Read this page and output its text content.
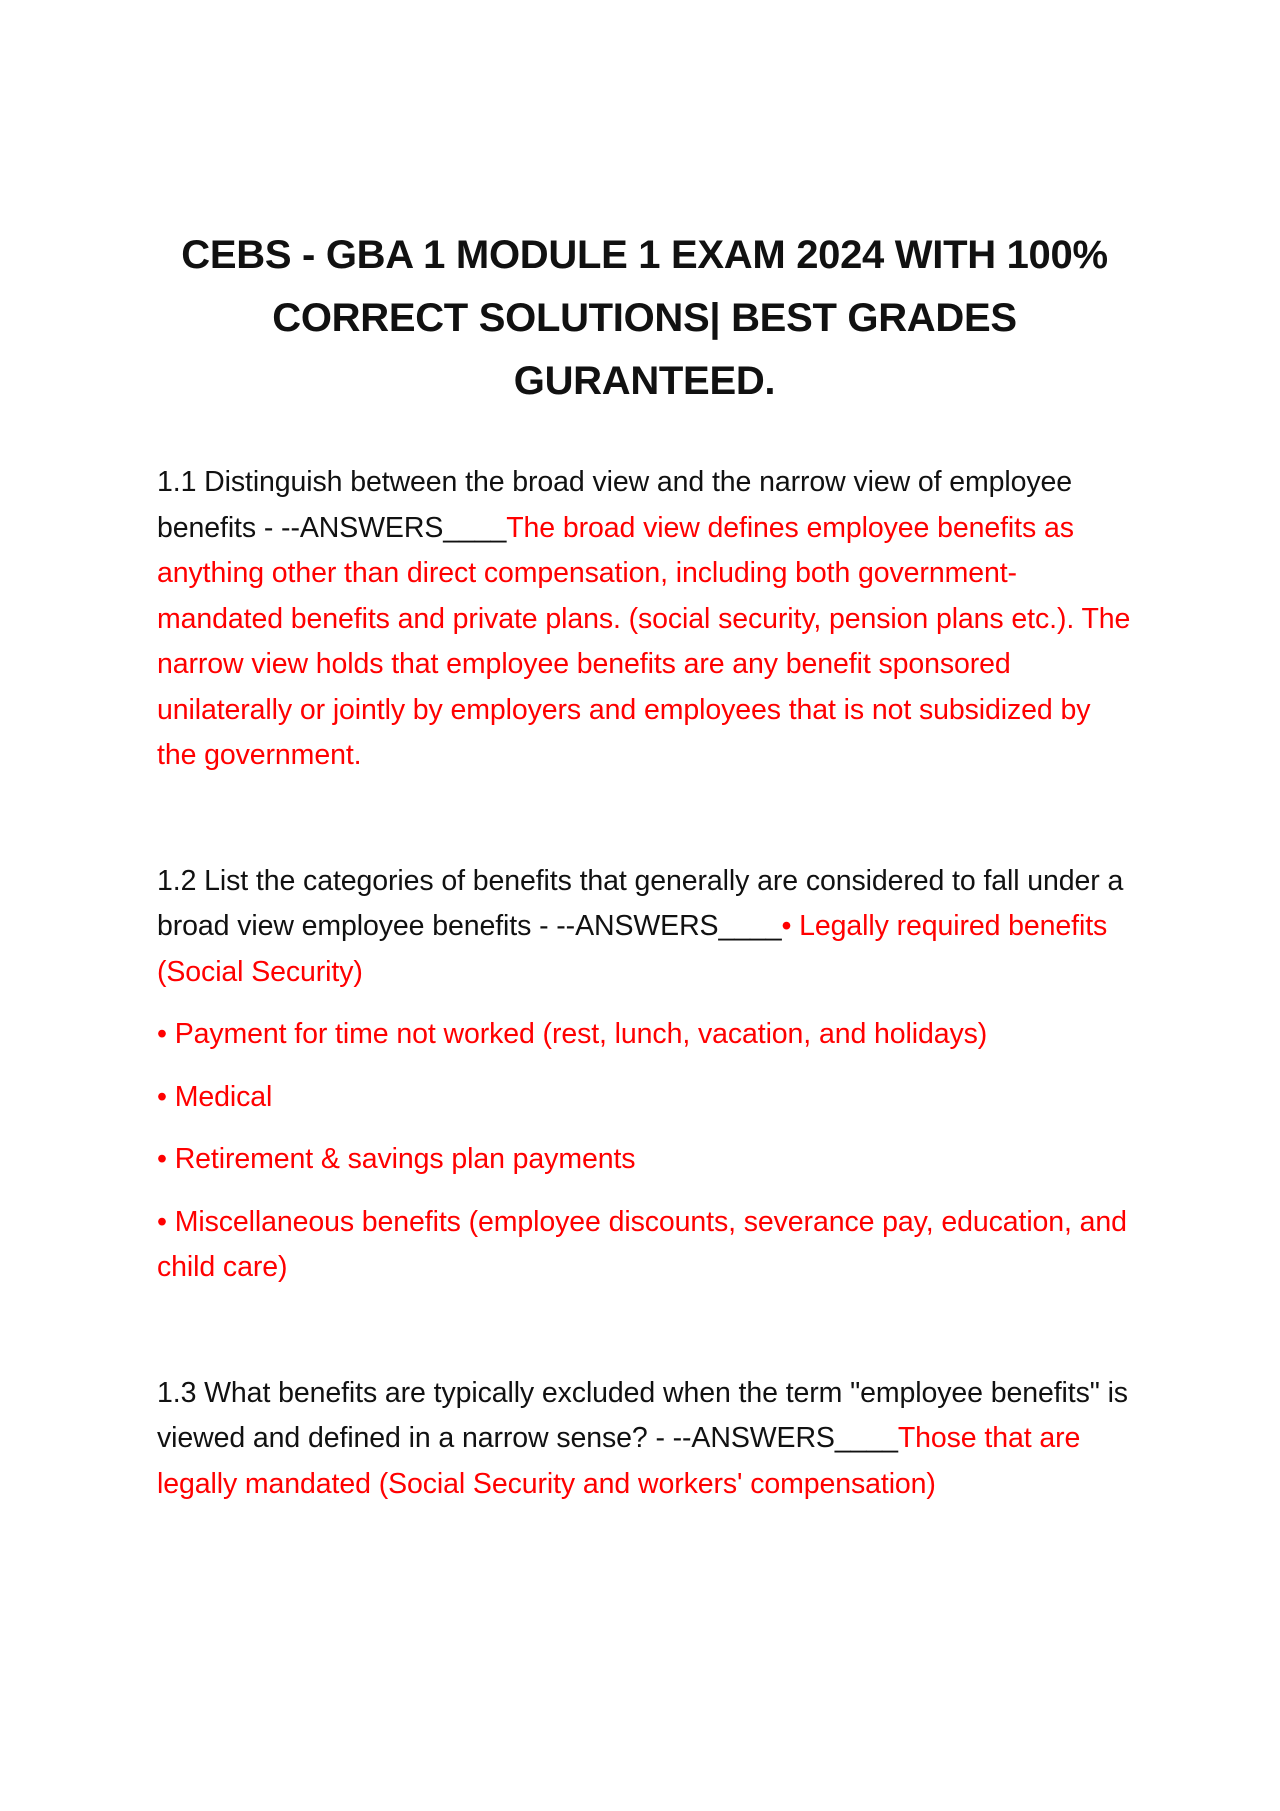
CEBS - GBA 1 MODULE 1 EXAM 2024 WITH 100% CORRECT SOLUTIONS| BEST GRADES GURANTEED.

1.1 Distinguish between the broad view and the narrow view of employee benefits - --ANSWERS____The broad view defines employee benefits as anything other than direct compensation, including both government-mandated benefits and private plans. (social security, pension plans etc.). The narrow view holds that employee benefits are any benefit sponsored unilaterally or jointly by employers and employees that is not subsidized by the government.

1.2 List the categories of benefits that generally are considered to fall under a broad view employee benefits - --ANSWERS____• Legally required benefits (Social Security)

• Payment for time not worked (rest, lunch, vacation, and holidays)

• Medical

• Retirement & savings plan payments

• Miscellaneous benefits (employee discounts, severance pay, education, and child care)

1.3 What benefits are typically excluded when the term "employee benefits" is viewed and defined in a narrow sense? - --ANSWERS____Those that are legally mandated (Social Security and workers' compensation)
